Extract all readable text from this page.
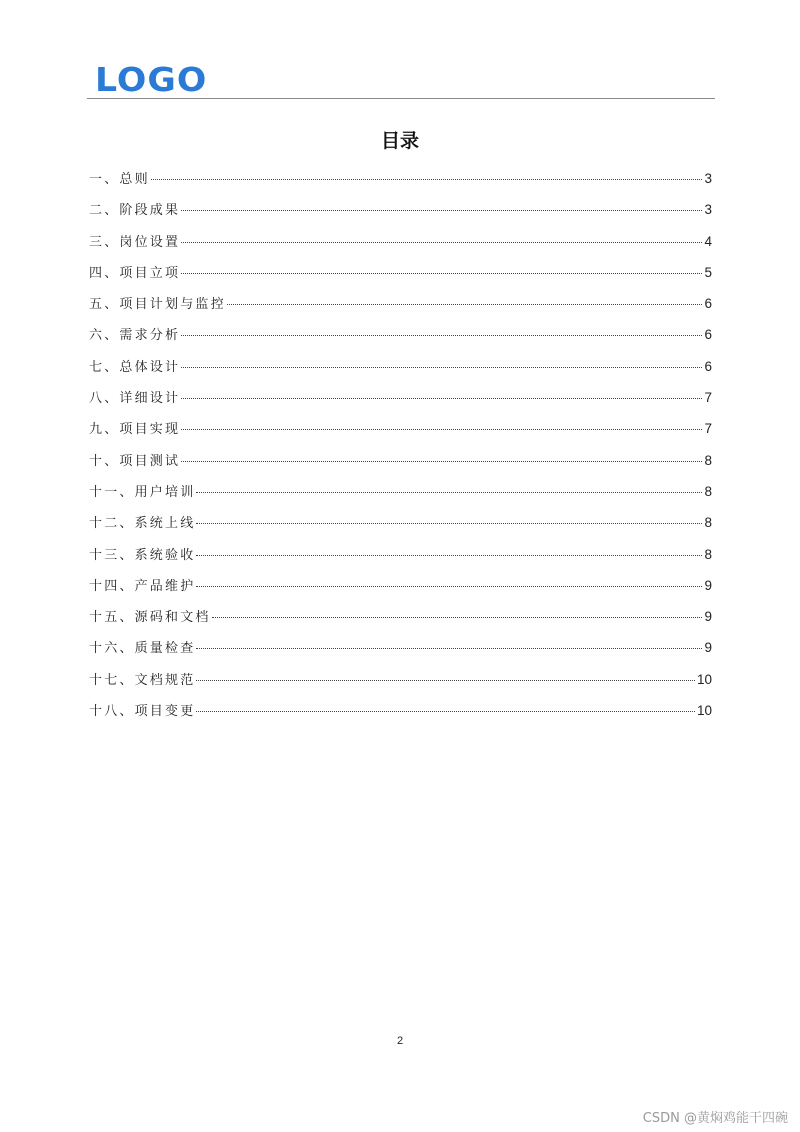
LOGO
目录
一、总则	3
二、阶段成果	3
三、岗位设置	4
四、项目立项	5
五、项目计划与监控	6
六、需求分析	6
七、总体设计	6
八、详细设计	7
九、项目实现	7
十、项目测试	8
十一、用户培训	8
十二、系统上线	8
十三、系统验收	8
十四、产品维护	9
十五、源码和文档	9
十六、质量检查	9
十七、文档规范	10
十八、项目变更	10
2
CSDN @黄焖鸡能干四碗
